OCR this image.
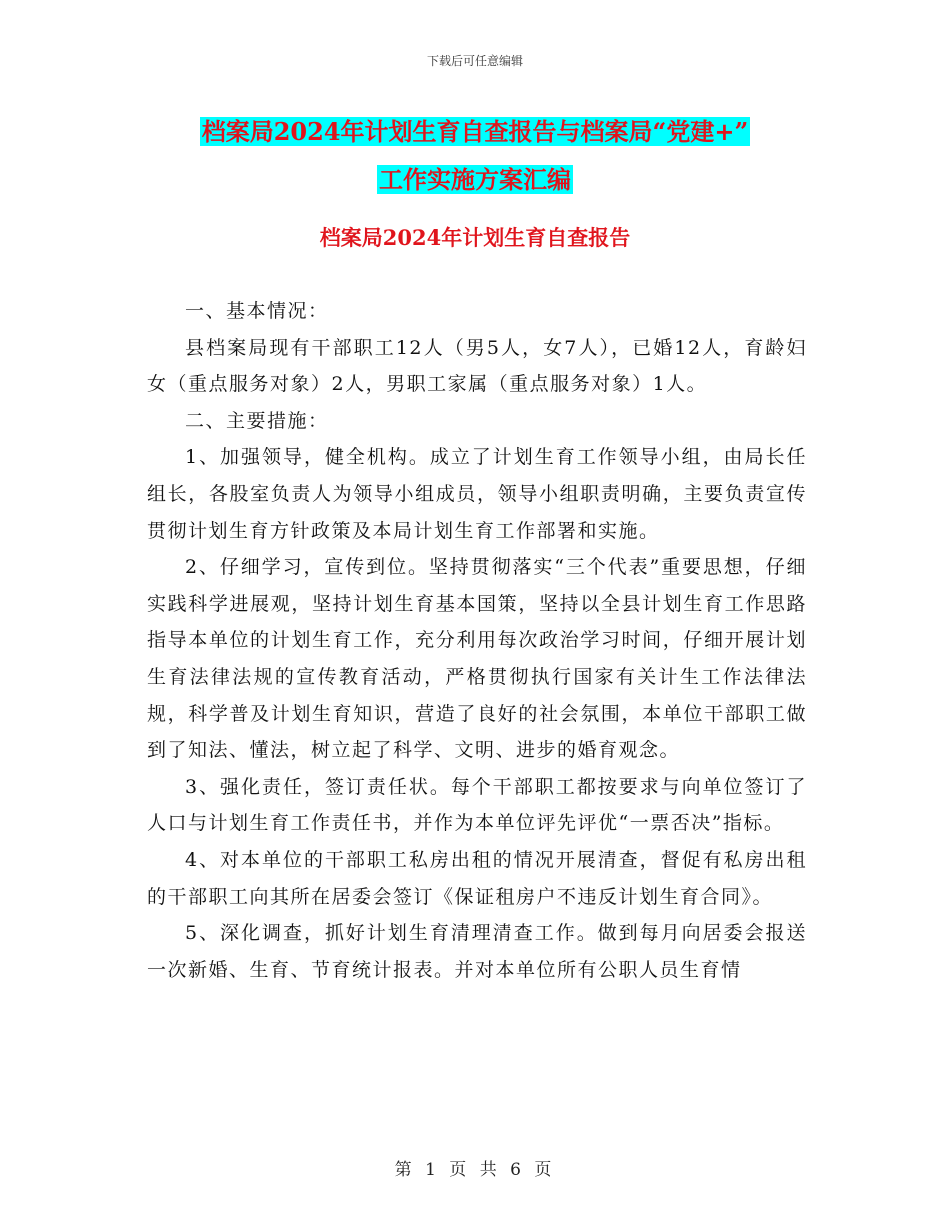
下载后可任意编辑
档案局2024年计划生育自查报告与档案局“党建+”
工作实施方案汇编
档案局2024年计划生育自查报告

一、基本情况：

县档案局现有干部职工12人（男5人，女7人），已婚12人，育龄妇女（重点服务对象）2人，男职工家属（重点服务对象）1人。

二、主要措施：

1、加强领导，健全机构。成立了计划生育工作领导小组，由局长任组长，各股室负责人为领导小组成员，领导小组职责明确，主要负责宣传贯彻计划生育方针政策及本局计划生育工作部署和实施。

2、仔细学习，宣传到位。坚持贯彻落实“三个代表”重要思想，仔细实践科学进展观，坚持计划生育基本国策，坚持以全县计划生育工作思路指导本单位的计划生育工作，充分利用每次政治学习时间，仔细开展计划生育法律法规的宣传教育活动，严格贯彻执行国家有关计生工作法律法规，科学普及计划生育知识，营造了良好的社会氛围，本单位干部职工做到了知法、懂法，树立起了科学、文明、进步的婚育观念。

3、强化责任，签订责任状。每个干部职工都按要求与向单位签订了人口与计划生育工作责任书，并作为本单位评先评优“一票否决”指标。

4、对本单位的干部职工私房出租的情况开展清查，督促有私房出租的干部职工向其所在居委会签订《保证租房户不违反计划生育合同》。

5、深化调查，抓好计划生育清理清查工作。做到每月向居委会报送一次新婚、生育、节育统计报表。并对本单位所有公职人员生育情

第 1 页 共 6 页
